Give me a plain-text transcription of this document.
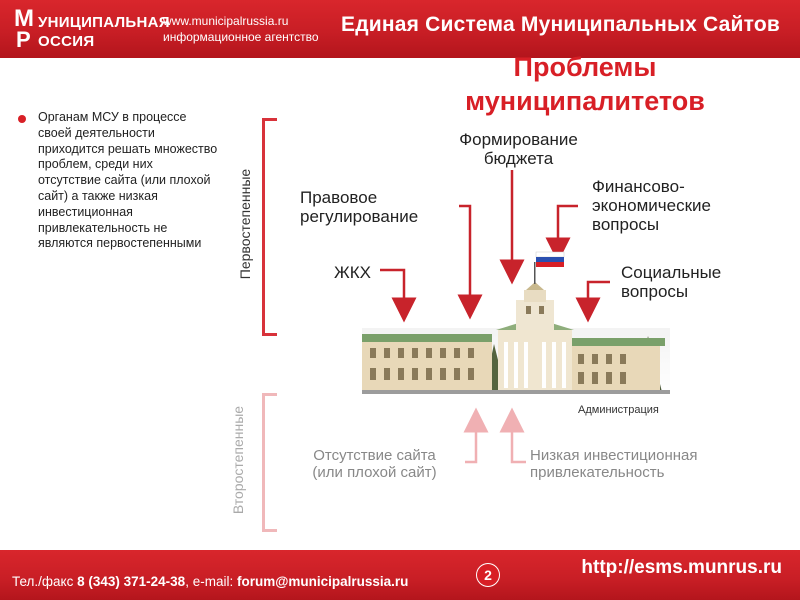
М УНИЦИПАЛЬНАЯ
Р ОССИЯ
www.municipalrussia.ru
информационное агентство
Единая Система Муниципальных Сайтов
Проблемы
муниципалитетов
Органам МСУ в процессе своей деятельности приходится решать множество проблем, среди них отсутствие сайта (или плохой сайт) а также низкая инвестиционная привлекательность не являются первостепенными	Первостепенные
Второстепенные
Формирование
бюджета
Правовое
регулирование
Финансово-
экономические
вопросы
ЖКХ	Социальные
вопросы
Отсутствие сайта
(или плохой сайт)
Низкая инвестиционная
привлекательность
Администрация
Тел./факс 8 (343) 371-24-38, e-mail: forum@municipalrussia.ru	2	http://esms.munrus.ru
